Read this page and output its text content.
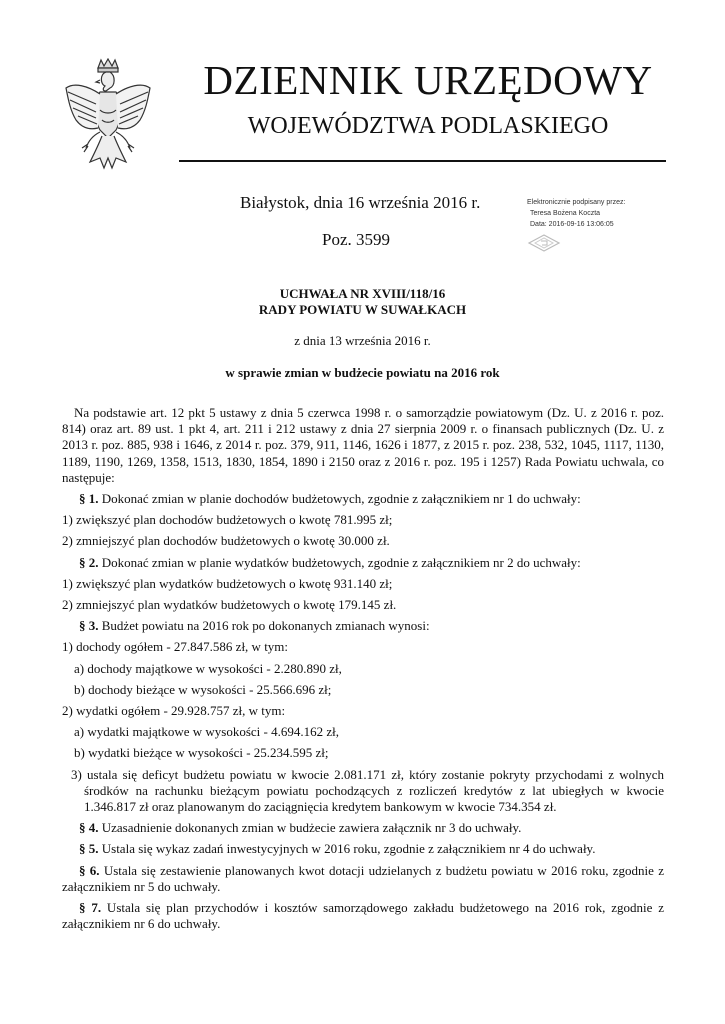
DZIENNIK URZĘDOWY
WOJEWÓDZTWA PODLASKIEGO
Białystok, dnia 16 września 2016 r.
Poz. 3599
Elektronicznie podpisany przez:
Teresa Bożena Koczta
Data: 2016-09-16 13:06:05
UCHWAŁA NR XVIII/118/16
RADY POWIATU W SUWAŁKACH
z dnia 13 września 2016 r.
w sprawie zmian w budżecie powiatu na 2016 rok

Na podstawie art. 12 pkt 5 ustawy z dnia 5 czerwca 1998 r. o samorządzie powiatowym (Dz. U. z 2016 r. poz. 814) oraz art. 89 ust. 1 pkt 4, art. 211 i 212 ustawy z dnia 27 sierpnia 2009 r. o finansach publicznych (Dz. U. z 2013 r. poz. 885, 938 i 1646, z 2014 r. poz. 379, 911, 1146, 1626 i 1877, z 2015 r. poz. 238, 532, 1045, 1117, 1130, 1189, 1190, 1269, 1358, 1513, 1830, 1854, 1890 i 2150 oraz z 2016 r. poz. 195 i 1257) Rada Powiatu uchwala, co następuje:

§ 1. Dokonać zmian w planie dochodów budżetowych, zgodnie z załącznikiem nr 1 do uchwały:

1) zwiększyć plan dochodów budżetowych o kwotę 781.995 zł;

2) zmniejszyć plan dochodów budżetowych o kwotę 30.000 zł.

§ 2. Dokonać zmian w planie wydatków budżetowych, zgodnie z załącznikiem nr 2 do uchwały:

1) zwiększyć plan wydatków budżetowych o kwotę 931.140 zł;

2) zmniejszyć plan wydatków budżetowych o kwotę 179.145 zł.

§ 3. Budżet powiatu na 2016 rok po dokonanych zmianach wynosi:

1) dochody ogółem - 27.847.586 zł, w tym:

a) dochody majątkowe w wysokości - 2.280.890 zł,

b) dochody bieżące w wysokości - 25.566.696 zł;

2) wydatki ogółem - 29.928.757 zł, w tym:

a) wydatki majątkowe w wysokości - 4.694.162 zł,

b) wydatki bieżące w wysokości - 25.234.595 zł;

3) ustala się deficyt budżetu powiatu w kwocie 2.081.171 zł, który zostanie pokryty przychodami z wolnych środków na rachunku bieżącym powiatu pochodzących z rozliczeń kredytów z lat ubiegłych w kwocie 1.346.817 zł oraz planowanym do zaciągnięcia kredytem bankowym w kwocie 734.354 zł.

§ 4. Uzasadnienie dokonanych zmian w budżecie zawiera załącznik nr 3 do uchwały.

§ 5. Ustala się wykaz zadań inwestycyjnych w 2016 roku, zgodnie z załącznikiem nr 4 do uchwały.

§ 6. Ustala się zestawienie planowanych kwot dotacji udzielanych z budżetu powiatu w 2016 roku, zgodnie z załącznikiem nr 5 do uchwały.

§ 7. Ustala się plan przychodów i kosztów samorządowego zakładu budżetowego na 2016 rok, zgodnie z załącznikiem nr 6 do uchwały.
